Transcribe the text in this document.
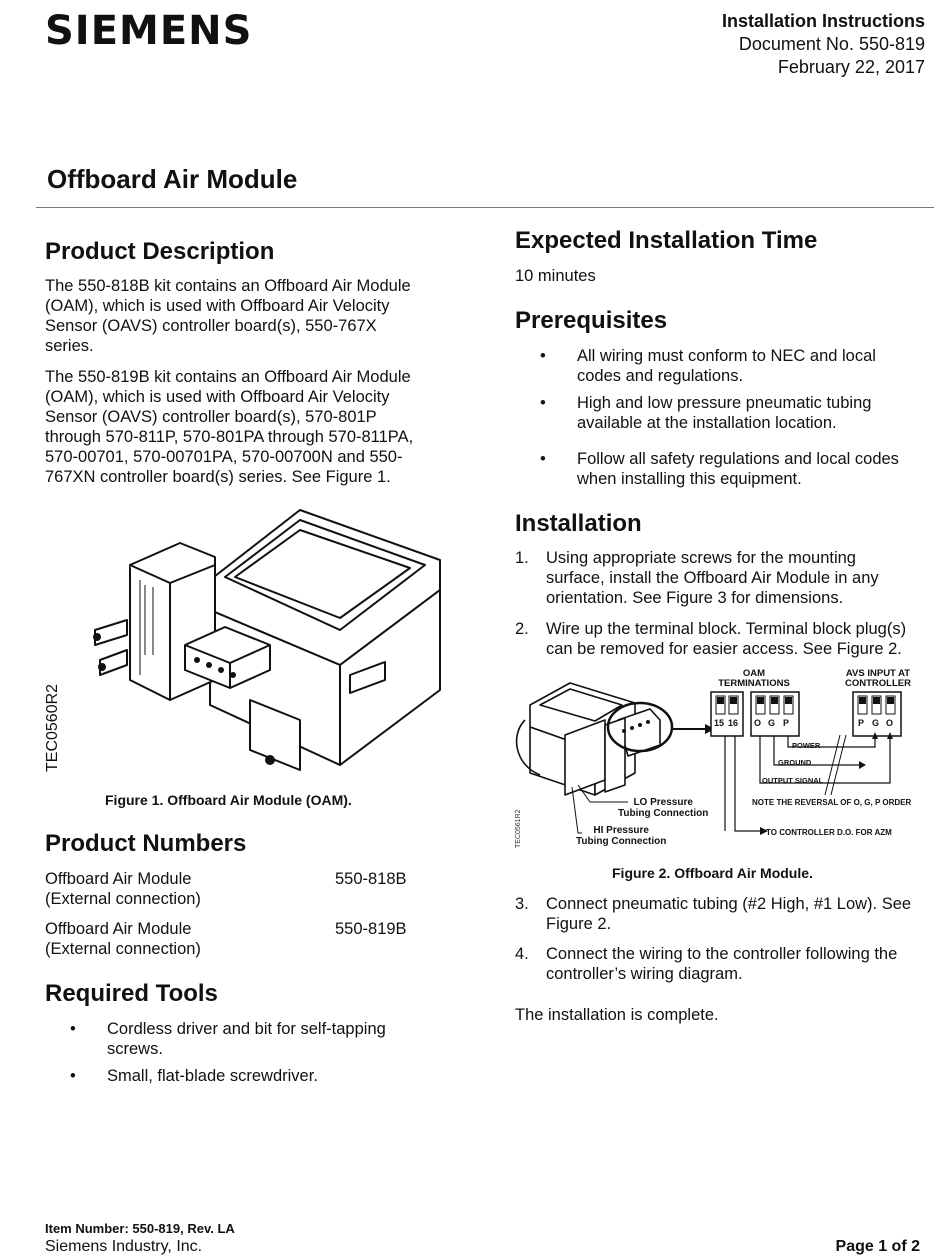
SIEMENS	Installation Instructions
Document No. 550-819
February 22, 2017
Offboard Air Module
Product Description
The 550-818B kit contains an Offboard Air Module
(OAM), which is used with Offboard Air Velocity
Sensor (OAVS) controller board(s), 550-767X
series.
The 550-819B kit contains an Offboard Air Module
(OAM), which is used with Offboard Air Velocity
Sensor (OAVS) controller board(s), 570-801P
through 570-811P, 570-801PA through 570-811PA,
570-00701, 570-00701PA, 570-00700N and 550-
767XN controller board(s) series. See Figure 1.
TEC0560R2
Figure 1. Offboard Air Module (OAM).
Product Numbers
Offboard Air Module
(External connection)
550-818B
Offboard Air Module
(External connection)
550-819B
Required Tools
• Cordless driver and bit for self-tapping
screws.
• Small, flat-blade screwdriver.
Expected Installation Time
10 minutes
Prerequisites
• All wiring must conform to NEC and local
codes and regulations.
• High and low pressure pneumatic tubing
available at the installation location.
• Follow all safety regulations and local codes
when installing this equipment.
Installation
1. Using appropriate screws for the mounting
surface, install the Offboard Air Module in any
orientation. See Figure 3 for dimensions.
2. Wire up the terminal block. Terminal block plug(s)
can be removed for easier access. See Figure 2.
OAM
TERMINATIONS
AVS INPUT AT
CONTROLLER
15 16 O G P	P G O
POWER
GROUND
OUTPUT SIGNAL
NOTE THE REVERSAL OF O, G, P ORDER
TO CONTROLLER D.O. FOR AZM
LO Pressure
Tubing Connection
HI Pressure
Tubing Connection
TEC0561R2
Figure 2. Offboard Air Module.
3. Connect pneumatic tubing (#2 High, #1 Low). See
Figure 2.
4. Connect the wiring to the controller following the
controller’s wiring diagram.
The installation is complete.
Item Number: 550-819, Rev. LA
Siemens Industry, Inc.	Page 1 of 2
